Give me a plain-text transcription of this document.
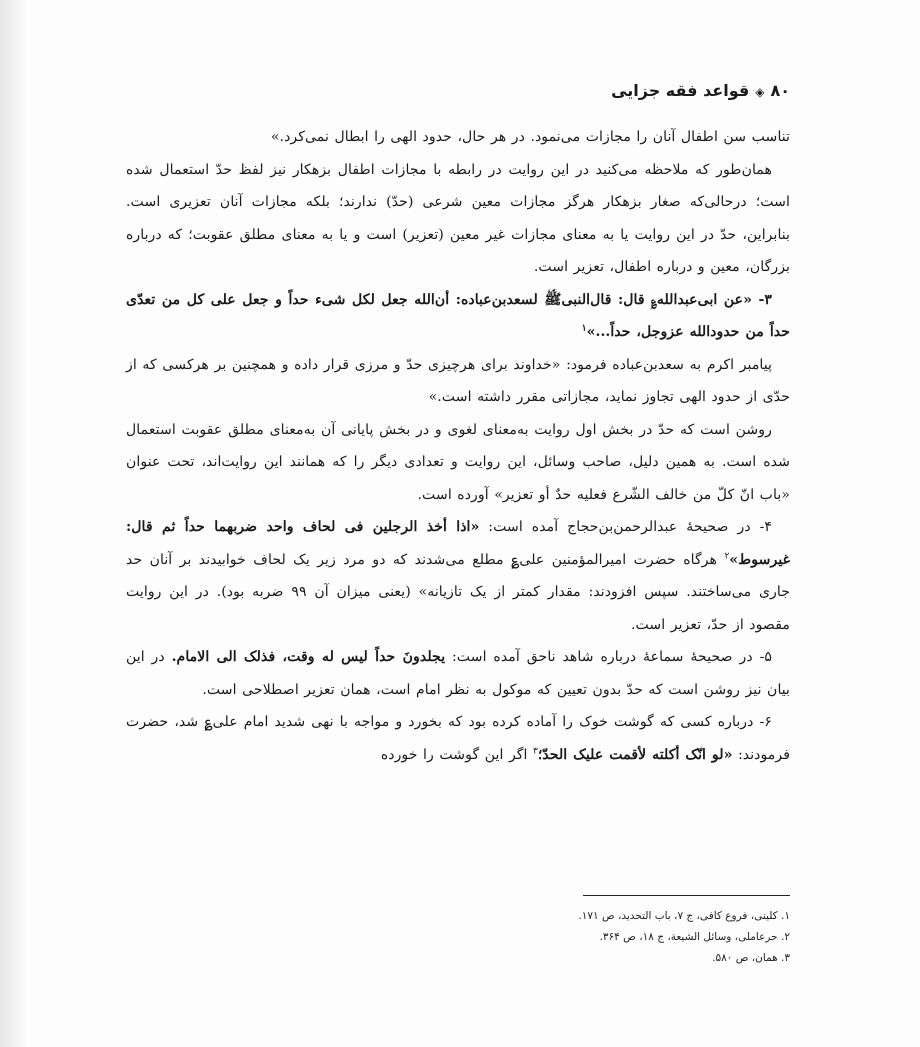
۸۰◈قواعد فقه جزایی

تناسب سن اطفال آنان را مجازات می‌نمود. در هر حال، حدود الهی را ابطال نمی‌کرد.»

همان‌طور که ملاحظه می‌کنید در این روایت در رابطه با مجازات اطفال بزهکار نیز لفظ حدّ استعمال شده است؛ درحالی‌که صغار بزهکار هرگز مجازات معین شرعی (حدّ) ندارند؛ بلکه مجازات آنان تعزیری است. بنابراین، حدّ در این روایت یا به معنای مجازات غیر معین (تعزیر) است و یا به معنای مطلق عقوبت؛ که درباره بزرگان، معین و درباره اطفال، تعزیر است.

۳- «عن ابی‌عبدالله؏ قال: قال‌النبیﷺ لسعدبن‌عباده: أن‌الله جعل لکل شیء حداً و جعل علی کل من تعدّی حداً من حدودالله عزوجل، حداً...»$^۱$

پیامبر اکرم به سعدبن‌عباده فرمود: «خداوند برای هرچیزی حدّ و مرزی قرار داده و همچنین بر هرکسی که از حدّی از حدود الهی تجاوز نماید، مجازاتی مقرر داشته است.»

روشن است که حدّ در بخش اول روایت به‌معنای لغوی و در بخش پایانی آن به‌معنای مطلق عقوبت استعمال شده است. به همین دلیل، صاحب وسائل، این روایت و تعدادی دیگر را که همانند این روایت‌اند، تحت عنوان «باب انّ کلّ من خالف الشّرع فعلیه حدٌ أو تعزیر» آورده است.

۴- در صحیحهٔ عبدالرحمن‌بن‌حجاج آمده است: «اذا أخذ الرجلین فی لحاف واحد ضربهما حداً ثم قال: غیرسوط»$^۲$ هرگاه حضرت امیرالمؤمنین علی؏ مطلع می‌شدند که دو مرد زیر یک لحاف خوابیدند بر آنان حد جاری می‌ساختند. سپس افزودند: مقدار کمتر از یک تازیانه» (یعنی میزان آن ۹۹ ضربه بود). در این روایت مقصود از حدّ، تعزیر است.

۵- در صحیحهٔ سماعهٔ درباره شاهد ناحق آمده است: یجلدونَ حداً لیس له وقت، فذلک الی الامام. در این بیان نیز روشن است که حدّ بدون تعیین که موکول به نظر امام است، همان تعزیر اصطلاحی است.

۶- درباره کسی که گوشت خوک را آماده کرده بود که بخورد و مواجه با نهی شدید امام علی؏ شد، حضرت فرمودند: «لو انّک أکلته لأقمت علیک الحدّ؛$^۳$ اگر این گوشت را خورده

۱. کلینی، فروع کافی، ج ۷، باب التحدید، ص ۱۷۱.
۲. حرعاملی، وسائل الشیعة، ج ۱۸، ص ۳۶۴.
۳. همان، ص ۵۸۰.
